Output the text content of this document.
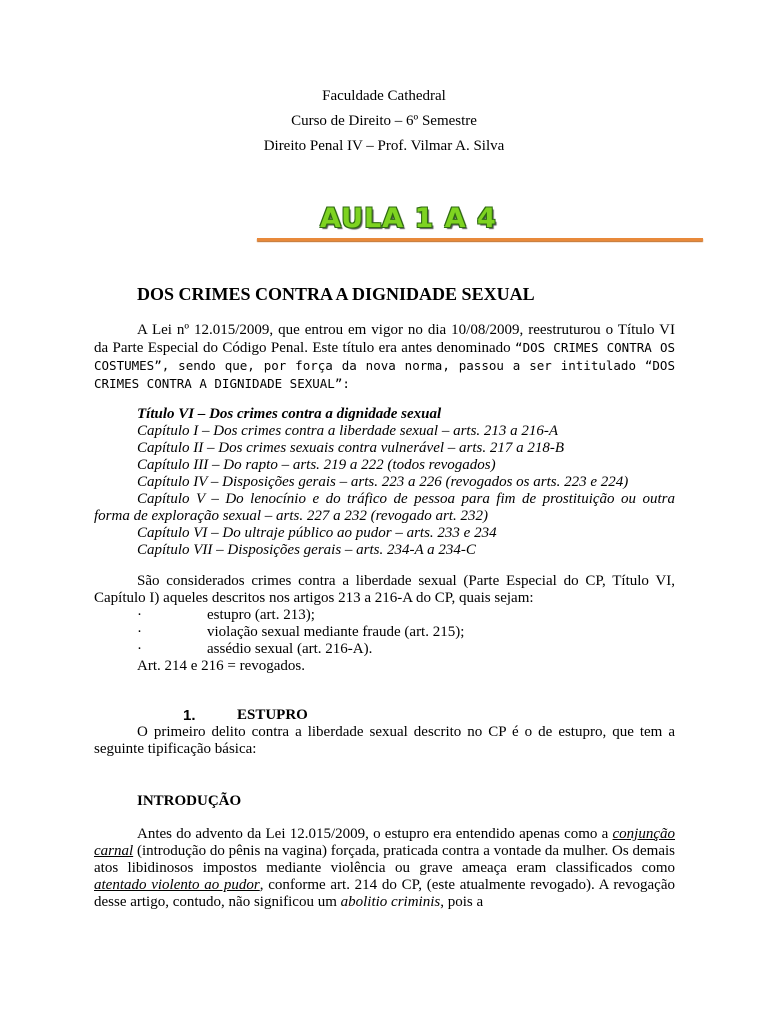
Faculdade Cathedral
Curso de Direito – 6º Semestre
Direito Penal IV – Prof. Vilmar A. Silva
AULA 1 A 4
DOS CRIMES CONTRA A DIGNIDADE SEXUAL

A Lei nº 12.015/2009, que entrou em vigor no dia 10/08/2009, reestruturou o Título VI da Parte Especial do Código Penal. Este título era antes denominado “DOS CRIMES CONTRA OS COSTUMES”, sendo que, por força da nova norma, passou a ser intitulado “DOS CRIMES CONTRA A DIGNIDADE SEXUAL”:

Título VI – Dos crimes contra a dignidade sexual
Capítulo I – Dos crimes contra a liberdade sexual – arts. 213 a 216-A
Capítulo II – Dos crimes sexuais contra vulnerável – arts. 217 a 218-B
Capítulo III – Do rapto – arts. 219 a 222 (todos revogados)
Capítulo IV – Disposições gerais – arts. 223 a 226 (revogados os arts. 223 e 224)
Capítulo V – Do lenocínio e do tráfico de pessoa para fim de prostituição ou outra
forma de exploração sexual – arts. 227 a 232 (revogado art. 232)
Capítulo VI – Do ultraje público ao pudor – arts. 233 e 234
Capítulo VII – Disposições gerais – arts. 234-A a 234-C

São considerados crimes contra a liberdade sexual (Parte Especial do CP, Título VI, Capítulo I) aqueles descritos nos artigos 213 a 216-A do CP, quais sejam:

·	estupro (art. 213);
·	violação sexual mediante fraude (art. 215);
·	assédio sexual (art. 216-A).
Art. 214 e 216 = revogados.
1.	ESTUPRO

O primeiro delito contra a liberdade sexual descrito no CP é o de estupro, que tem a seguinte tipificação básica:

INTRODUÇÃO

Antes do advento da Lei 12.015/2009, o estupro era entendido apenas como a conjunção carnal (introdução do pênis na vagina) forçada, praticada contra a vontade da mulher. Os demais atos libidinosos impostos mediante violência ou grave ameaça eram classificados como atentado violento ao pudor, conforme art. 214 do CP, (este atualmente revogado). A revogação desse artigo, contudo, não significou um abolitio criminis, pois a
